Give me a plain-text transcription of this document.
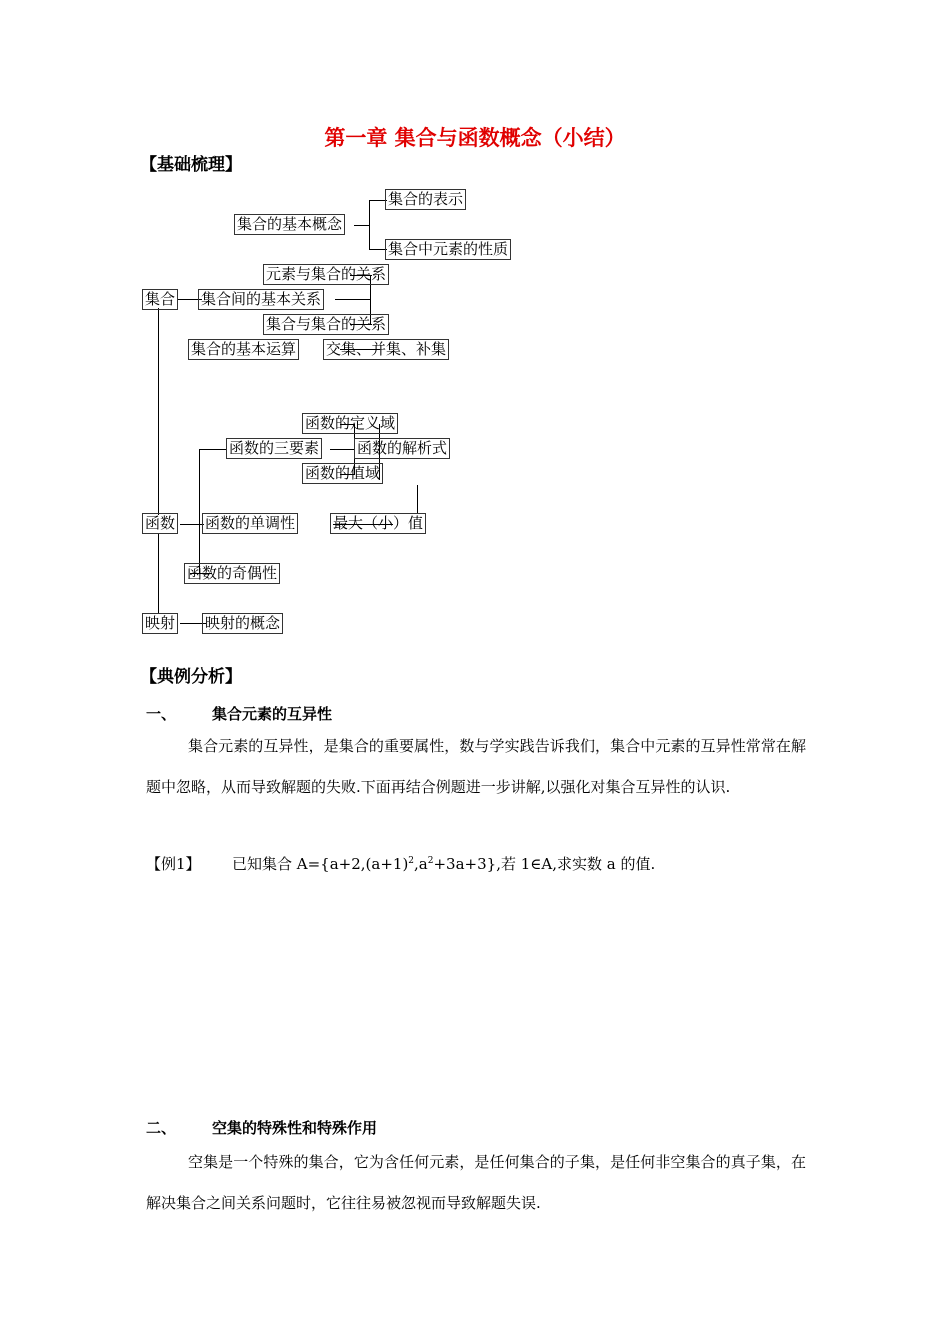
第一章 集合与函数概念（小结）
【基础梳理】
集合的基本概念
集合的表示
集合中元素的性质
元素与集合的关系
集合 集合间的基本关系
集合与集合的关系
集合的基本运算 交集、并集、补集
函数的定义域
函数的三要素	函数的解析式
函数的值域
函数 函数的单调性	最大（小）值
函数的奇偶性
映射 映射的概念
【典例分析】
一、 集合元素的互异性
集合元素的互异性，是集合的重要属性，数与学实践告诉我们，集合中元素的互异性常常在解题中忽略，从而导致解题的失败.下面再结合例题进一步讲解,以强化对集合互异性的认识.
【例1】 已知集合 $A=\{a+2,(a+1)^2,a^2+3a+3\}$,若 1∈A,求实数 a 的值.
二、 空集的特殊性和特殊作用
空集是一个特殊的集合，它为含任何元素，是任何集合的子集，是任何非空集合的真子集，在解决集合之间关系问题时，它往往易被忽视而导致解题失误.
